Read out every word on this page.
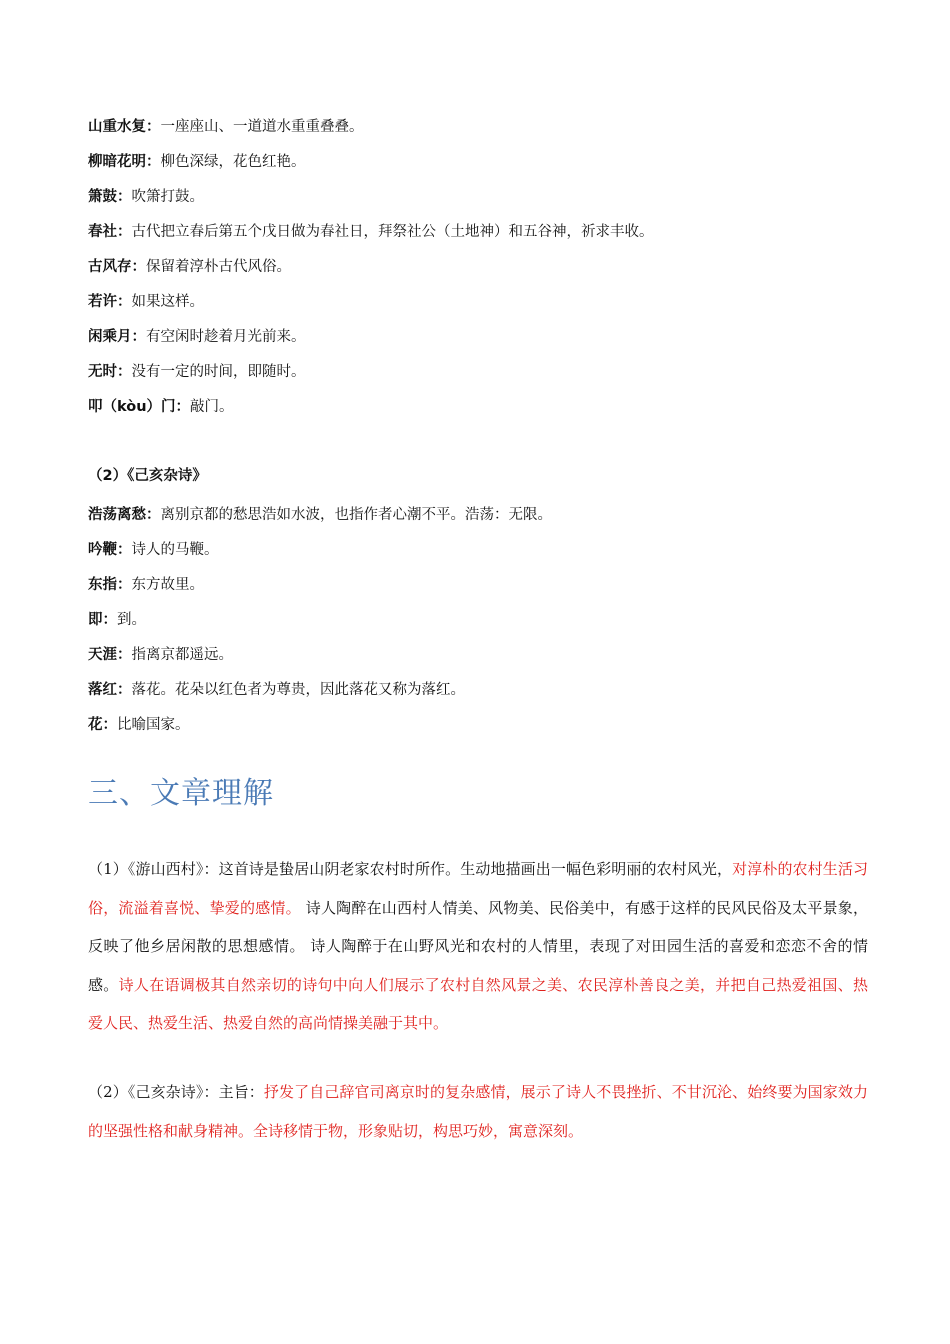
山重水复：一座座山、一道道水重重叠叠。
柳暗花明：柳色深绿，花色红艳。
箫鼓：吹箫打鼓。
春社：古代把立春后第五个戊日做为春社日，拜祭社公（土地神）和五谷神，祈求丰收。
古风存：保留着淳朴古代风俗。
若许：如果这样。
闲乘月：有空闲时趁着月光前来。
无时：没有一定的时间，即随时。
叩（kòu）门：敲门。
（2）《己亥杂诗》
浩荡离愁：离别京都的愁思浩如水波，也指作者心潮不平。浩荡：无限。
吟鞭：诗人的马鞭。
东指：东方故里。
即：到。
天涯：指离京都遥远。
落红：落花。花朵以红色者为尊贵，因此落花又称为落红。
花：比喻国家。
三、文章理解
（1）《游山西村》：这首诗是蛰居山阴老家农村时所作。生动地描画出一幅色彩明丽的农村风光，对淳朴的农村生活习俗，流溢着喜悦、挚爱的感情。 诗人陶醉在山西村人情美、风物美、民俗美中，有感于这样的民风民俗及太平景象，反映了他乡居闲散的思想感情。 诗人陶醉于在山野风光和农村的人情里，表现了对田园生活的喜爱和恋恋不舍的情感。诗人在语调极其自然亲切的诗句中向人们展示了农村自然风景之美、农民淳朴善良之美，并把自己热爱祖国、热爱人民、热爱生活、热爱自然的高尚情操美融于其中。
（2）《己亥杂诗》：主旨：抒发了自己辞官司离京时的复杂感情，展示了诗人不畏挫折、不甘沉沦、始终要为国家效力的坚强性格和献身精神。全诗移情于物，形象贴切，构思巧妙，寓意深刻。
